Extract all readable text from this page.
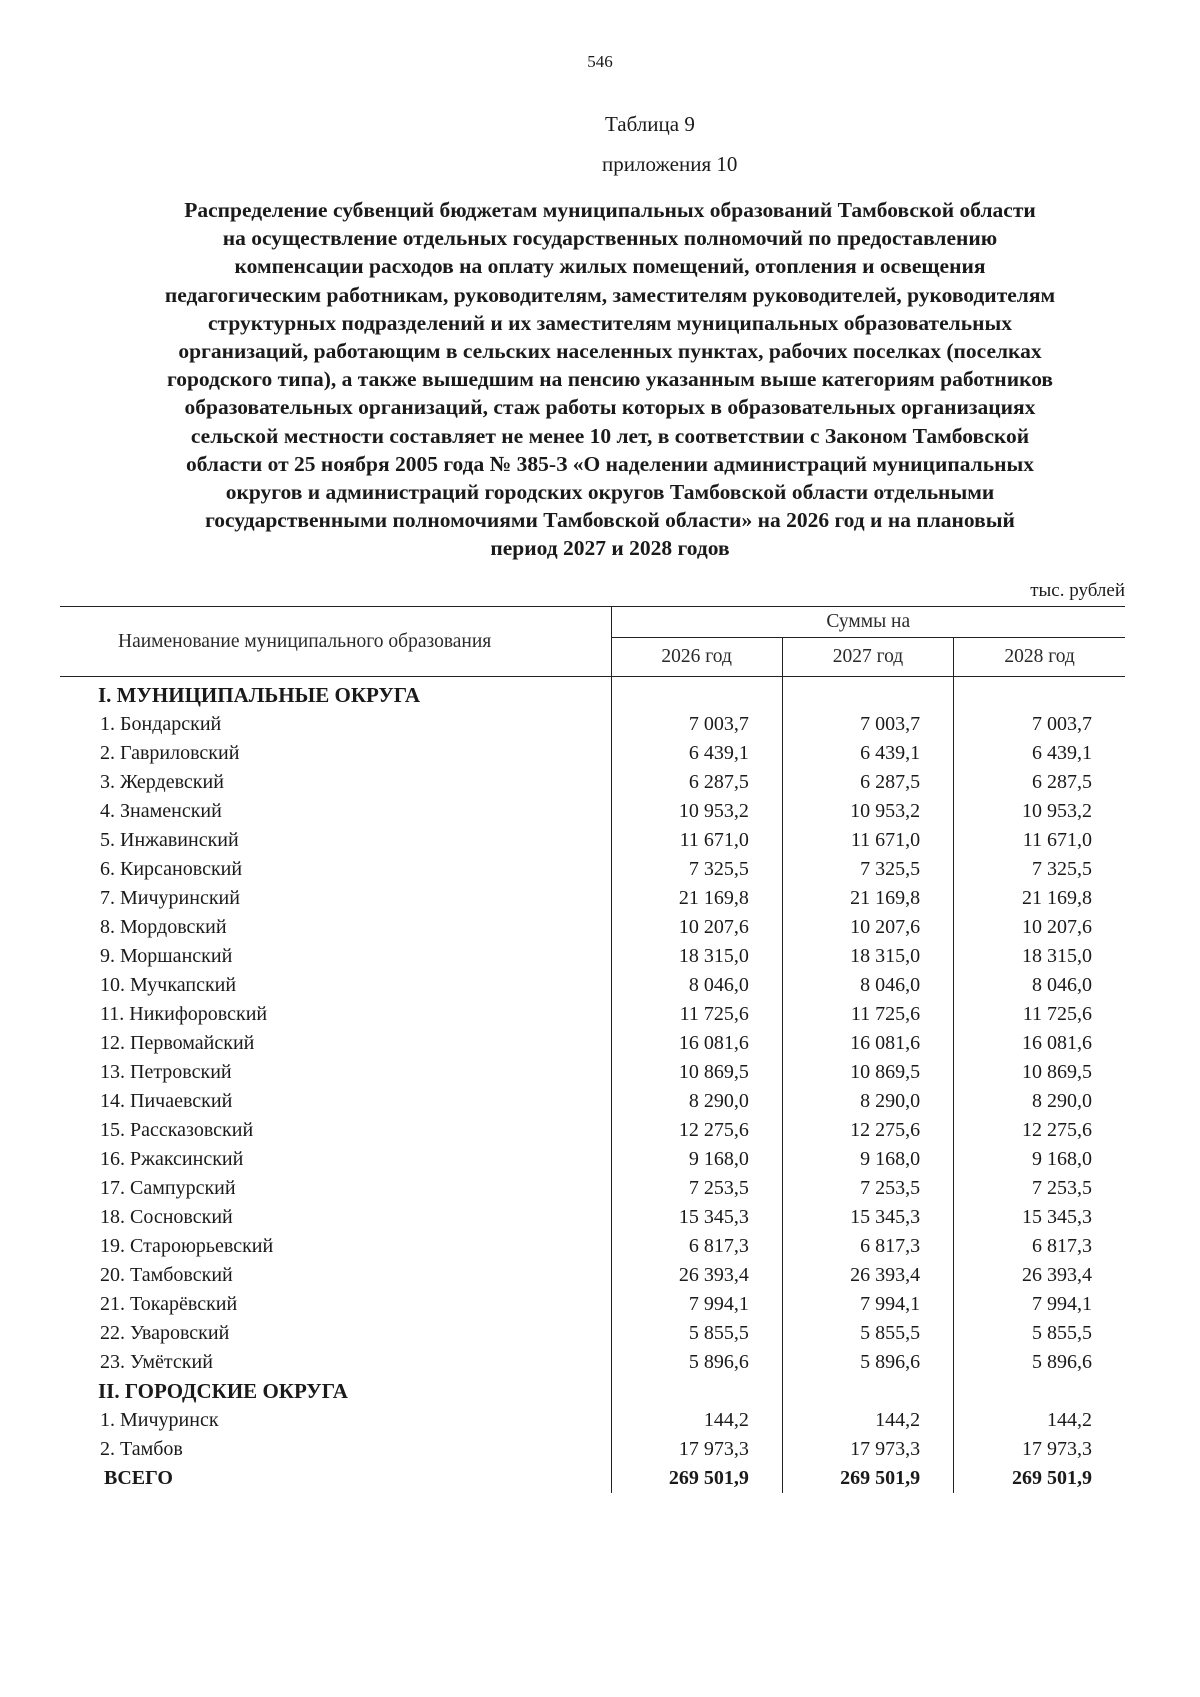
546
Таблица 9
приложения 10
Распределение субвенций бюджетам муниципальных образований Тамбовской области
на осуществление отдельных государственных полномочий по предоставлению
компенсации расходов на оплату жилых помещений, отопления и освещения
педагогическим работникам, руководителям, заместителям руководителей, руководителям
структурных подразделений и их заместителям муниципальных образовательных
организаций, работающим в сельских населенных пунктах, рабочих поселках (поселках
городского типа), а также вышедшим на пенсию указанным выше категориям работников
образовательных организаций, стаж работы которых в образовательных организациях
сельской местности составляет не менее 10 лет, в соответствии с Законом Тамбовской
области от 25 ноября 2005 года № 385-З «О наделении администраций муниципальных
округов и администраций городских округов Тамбовской области отдельными
государственными полномочиями Тамбовской области» на 2026 год и на плановый
период 2027 и 2028 годов
тыс. рублей
Наименование муниципального образования	Суммы на		
	2026 год	2027 год	2028 год
I. МУНИЦИПАЛЬНЫЕ ОКРУГА			
1. Бондарский	7 003,7	7 003,7	7 003,7
2. Гавриловский	6 439,1	6 439,1	6 439,1
3. Жердевский	6 287,5	6 287,5	6 287,5
4. Знаменский	10 953,2	10 953,2	10 953,2
5. Инжавинский	11 671,0	11 671,0	11 671,0
6. Кирсановский	7 325,5	7 325,5	7 325,5
7. Мичуринский	21 169,8	21 169,8	21 169,8
8. Мордовский	10 207,6	10 207,6	10 207,6
9. Моршанский	18 315,0	18 315,0	18 315,0
10. Мучкапский	8 046,0	8 046,0	8 046,0
11. Никифоровский	11 725,6	11 725,6	11 725,6
12. Первомайский	16 081,6	16 081,6	16 081,6
13. Петровский	10 869,5	10 869,5	10 869,5
14. Пичаевский	8 290,0	8 290,0	8 290,0
15. Рассказовский	12 275,6	12 275,6	12 275,6
16. Ржаксинский	9 168,0	9 168,0	9 168,0
17. Сампурский	7 253,5	7 253,5	7 253,5
18. Сосновский	15 345,3	15 345,3	15 345,3
19. Староюрьевский	6 817,3	6 817,3	6 817,3
20. Тамбовский	26 393,4	26 393,4	26 393,4
21. Токарёвский	7 994,1	7 994,1	7 994,1
22. Уваровский	5 855,5	5 855,5	5 855,5
23. Умётский	5 896,6	5 896,6	5 896,6
II. ГОРОДСКИЕ ОКРУГА			
1. Мичуринск	144,2	144,2	144,2
2. Тамбов	17 973,3	17 973,3	17 973,3
ВСЕГО	269 501,9	269 501,9	269 501,9
